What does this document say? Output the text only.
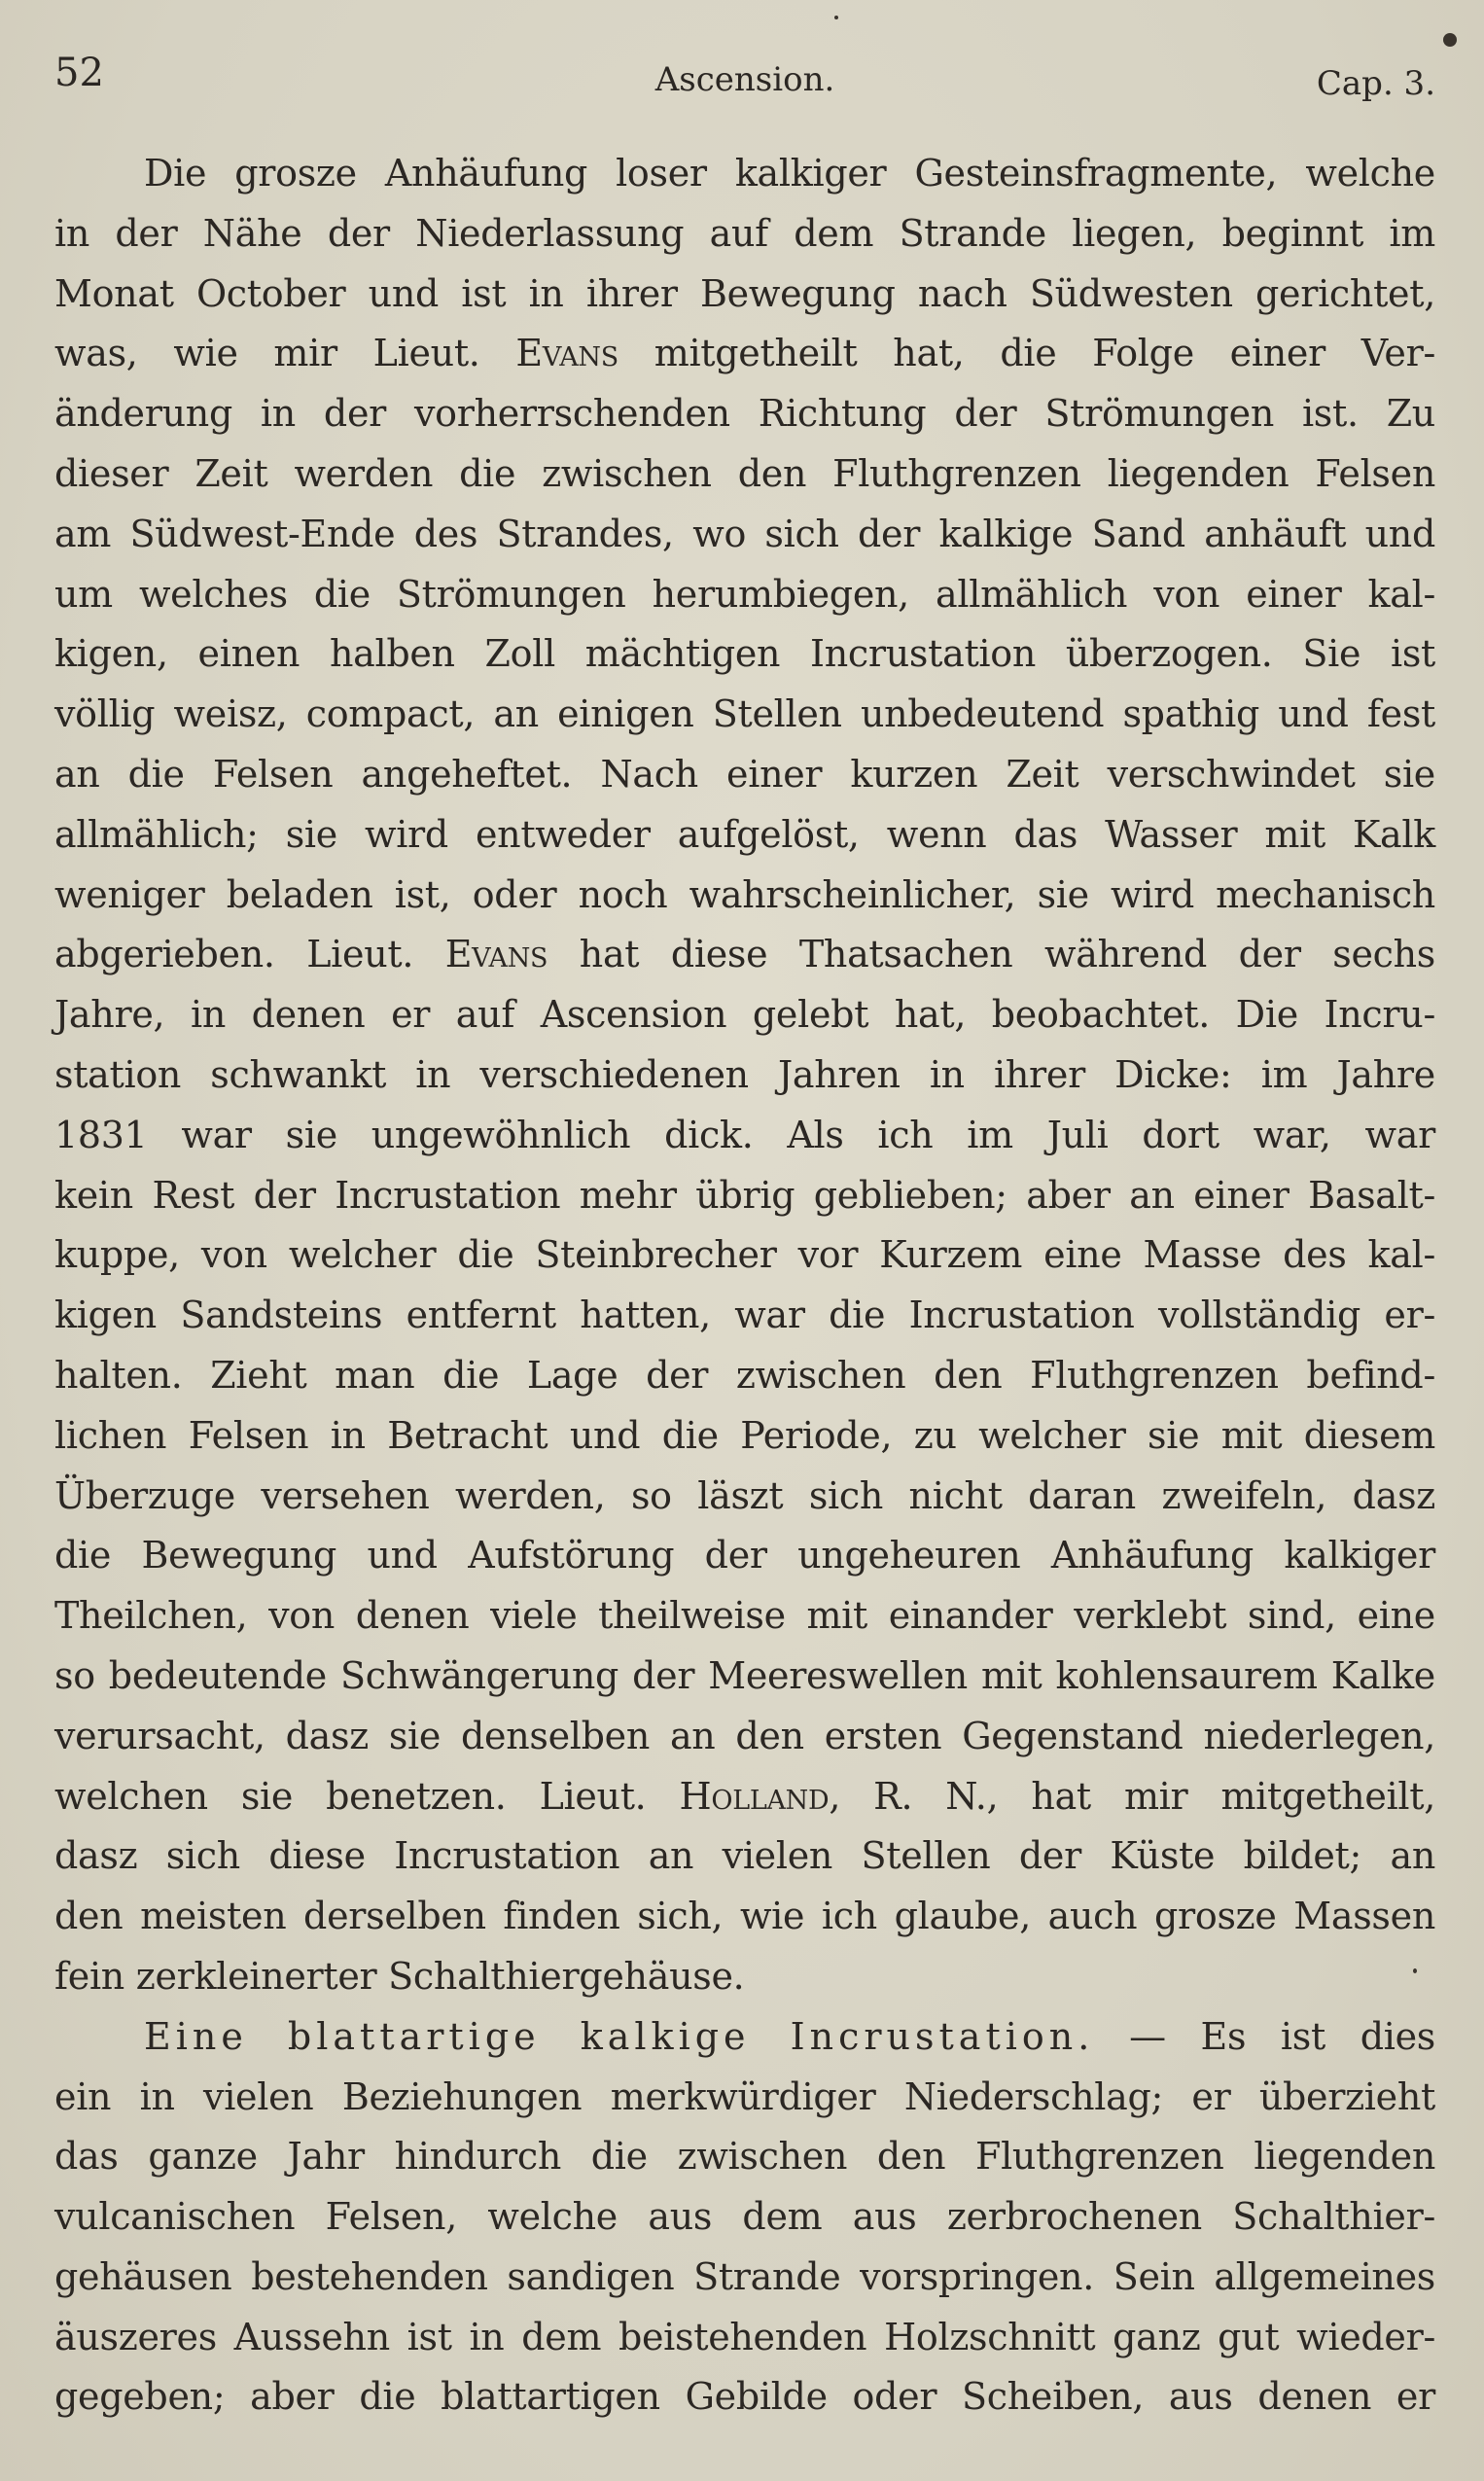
52	Ascension.	Cap. 3.
Die grosze Anhäufung loser kalkiger Gesteinsfragmente, welche
in der Nähe der Niederlassung auf dem Strande liegen, beginnt im
Monat October und ist in ihrer Bewegung nach Südwesten gerichtet,
was, wie mir Lieut. Evans mitgetheilt hat, die Folge einer Ver-
änderung in der vorherrschenden Richtung der Strömungen ist. Zu
dieser Zeit werden die zwischen den Fluthgrenzen liegenden Felsen
am Südwest-Ende des Strandes, wo sich der kalkige Sand anhäuft und
um welches die Strömungen herumbiegen, allmählich von einer kal-
kigen, einen halben Zoll mächtigen Incrustation überzogen. Sie ist
völlig weisz, compact, an einigen Stellen unbedeutend spathig und fest
an die Felsen angeheftet. Nach einer kurzen Zeit verschwindet sie
allmählich; sie wird entweder aufgelöst, wenn das Wasser mit Kalk
weniger beladen ist, oder noch wahrscheinlicher, sie wird mechanisch
abgerieben. Lieut. Evans hat diese Thatsachen während der sechs
Jahre, in denen er auf Ascension gelebt hat, beobachtet. Die Incru-
station schwankt in verschiedenen Jahren in ihrer Dicke: im Jahre
1831 war sie ungewöhnlich dick. Als ich im Juli dort war, war
kein Rest der Incrustation mehr übrig geblieben; aber an einer Basalt-
kuppe, von welcher die Steinbrecher vor Kurzem eine Masse des kal-
kigen Sandsteins entfernt hatten, war die Incrustation vollständig er-
halten. Zieht man die Lage der zwischen den Fluthgrenzen befind-
lichen Felsen in Betracht und die Periode, zu welcher sie mit diesem
Überzuge versehen werden, so läszt sich nicht daran zweifeln, dasz
die Bewegung und Aufstörung der ungeheuren Anhäufung kalkiger
Theilchen, von denen viele theilweise mit einander verklebt sind, eine
so bedeutende Schwängerung der Meereswellen mit kohlensaurem Kalke
verursacht, dasz sie denselben an den ersten Gegenstand niederlegen,
welchen sie benetzen. Lieut. Holland, R. N., hat mir mitgetheilt,
dasz sich diese Incrustation an vielen Stellen der Küste bildet; an
den meisten derselben finden sich, wie ich glaube, auch grosze Massen
fein zerkleinerter Schalthiergehäuse.
Eine blattartige kalkige Incrustation. — Es ist dies
ein in vielen Beziehungen merkwürdiger Niederschlag; er überzieht
das ganze Jahr hindurch die zwischen den Fluthgrenzen liegenden
vulcanischen Felsen, welche aus dem aus zerbrochenen Schalthier-
gehäusen bestehenden sandigen Strande vorspringen. Sein allgemeines
äuszeres Aussehn ist in dem beistehenden Holzschnitt ganz gut wieder-
gegeben; aber die blattartigen Gebilde oder Scheiben, aus denen er
